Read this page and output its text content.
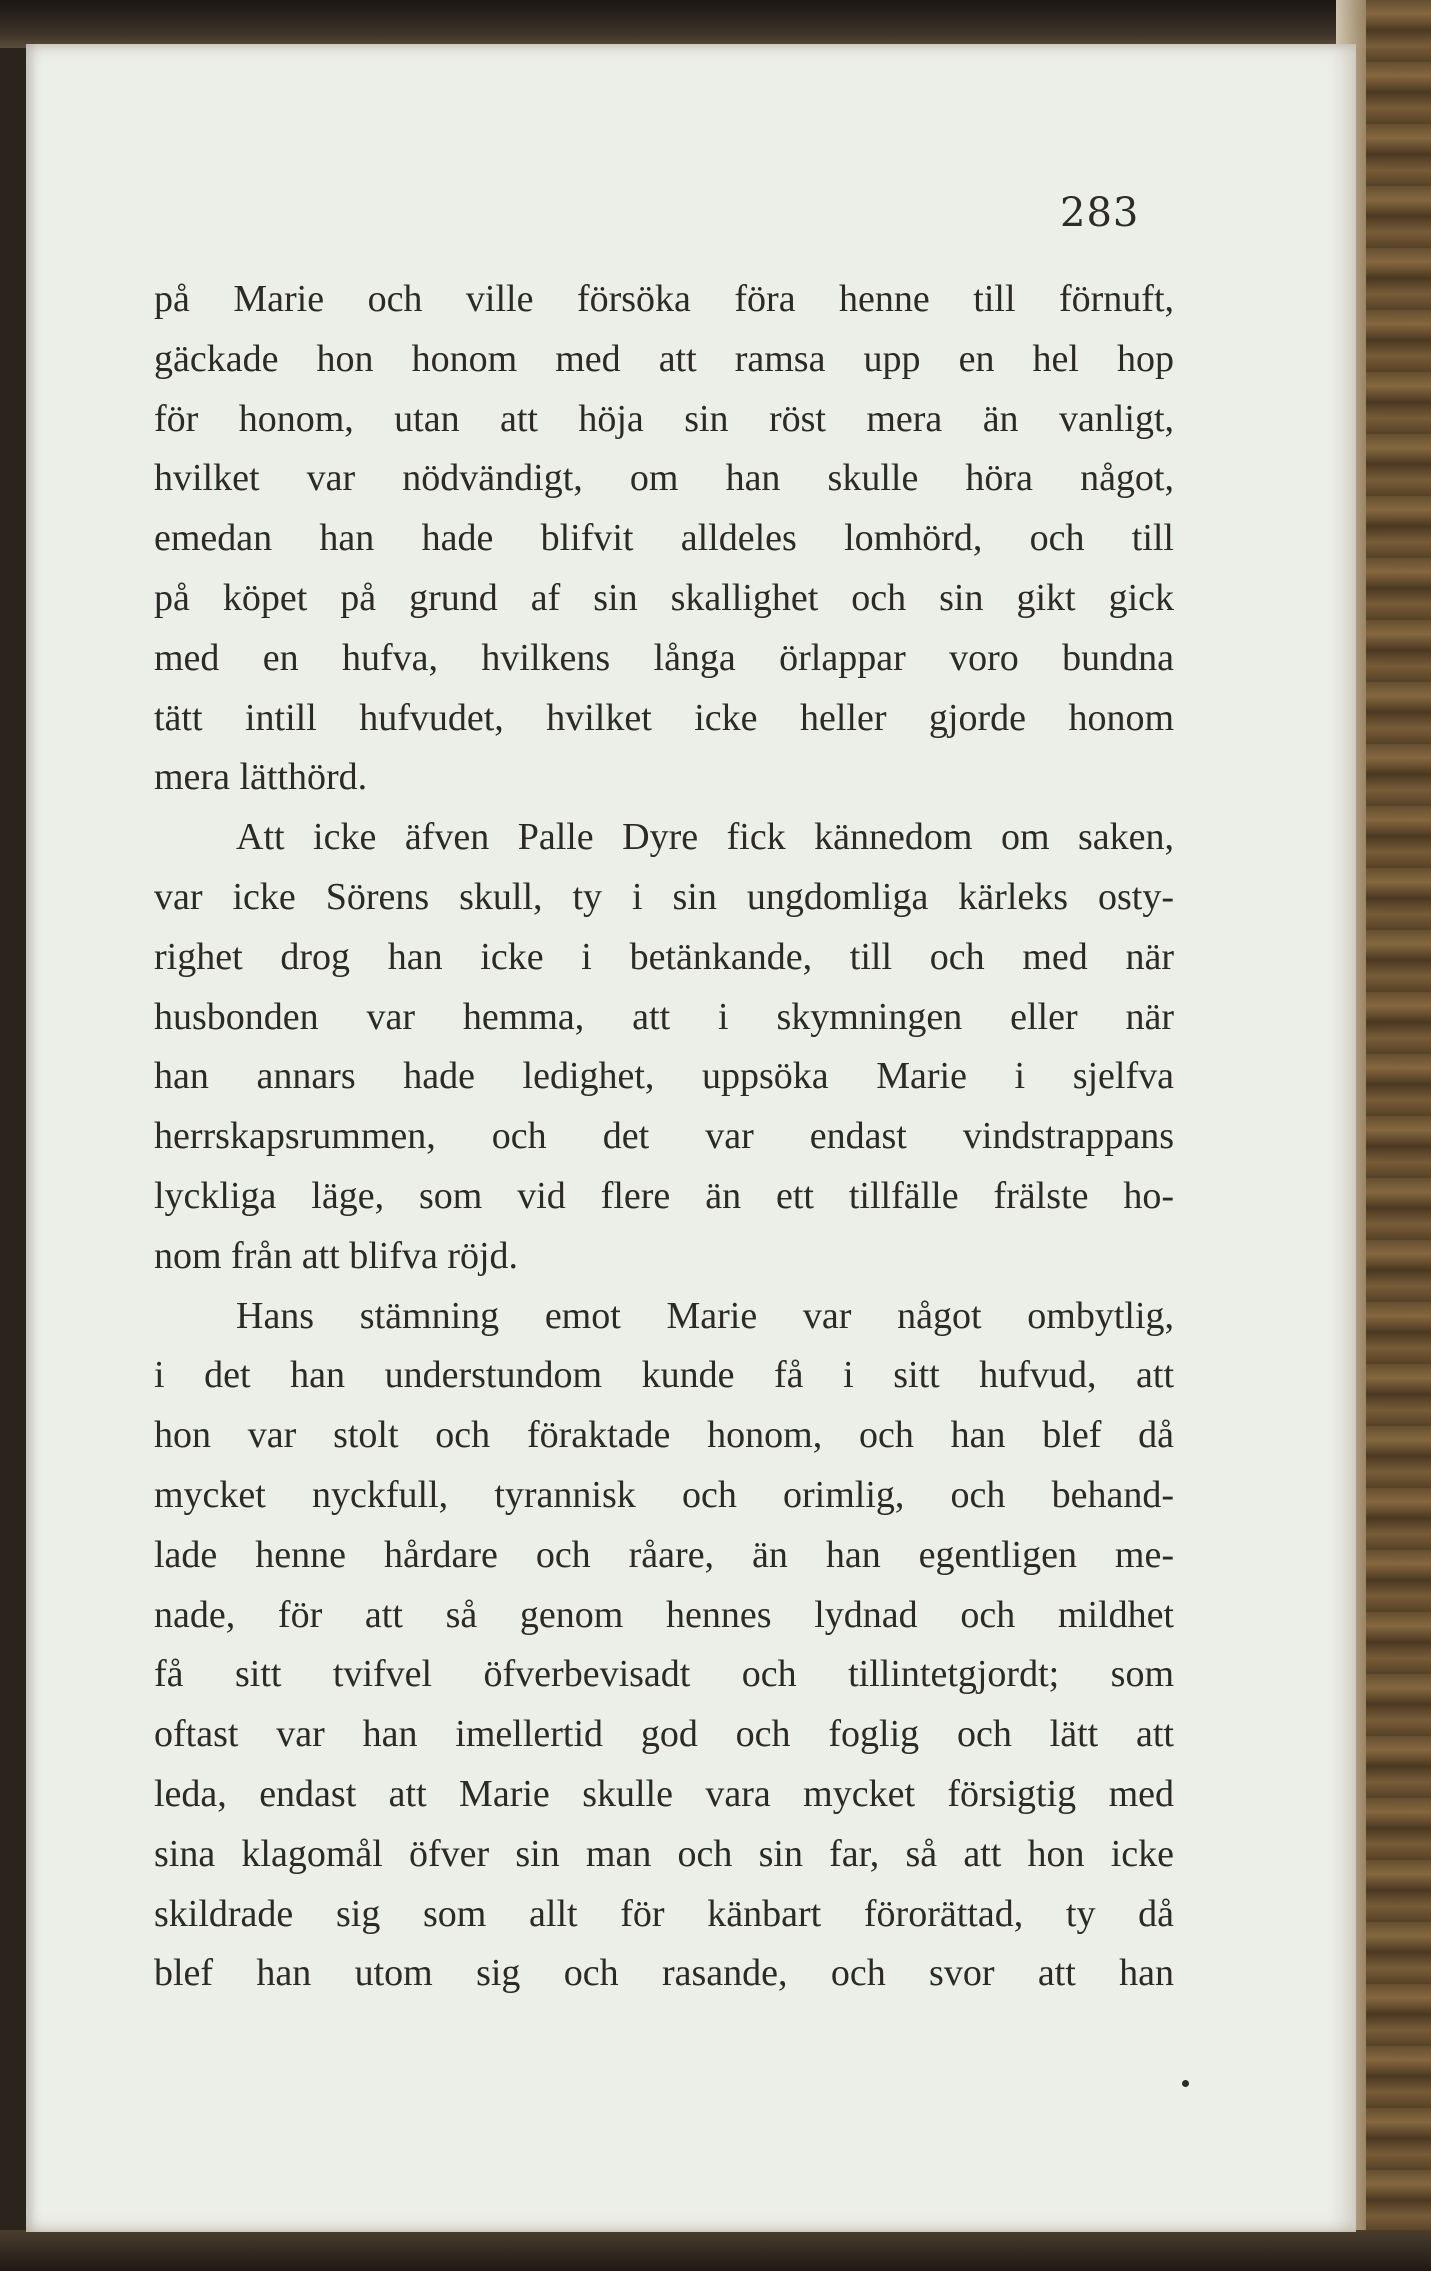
283
på Marie och ville försöka föra henne till förnuft,
gäckade hon honom med att ramsa upp en hel hop
för honom, utan att höja sin röst mera än vanligt,
hvilket var nödvändigt, om han skulle höra något,
emedan han hade blifvit alldeles lomhörd, och till
på köpet på grund af sin skallighet och sin gikt gick
med en hufva, hvilkens långa örlappar voro bundna
tätt intill hufvudet, hvilket icke heller gjorde honom
mera lätthörd.
Att icke äfven Palle Dyre fick kännedom om saken,
var icke Sörens skull, ty i sin ungdomliga kärleks osty-
righet drog han icke i betänkande, till och med när
husbonden var hemma, att i skymningen eller när
han annars hade ledighet, uppsöka Marie i sjelfva
herrskapsrummen, och det var endast vindstrappans
lyckliga läge, som vid flere än ett tillfälle frälste ho-
nom från att blifva röjd.
Hans stämning emot Marie var något ombytlig,
i det han understundom kunde få i sitt hufvud, att
hon var stolt och föraktade honom, och han blef då
mycket nyckfull, tyrannisk och orimlig, och behand-
lade henne hårdare och råare, än han egentligen me-
nade, för att så genom hennes lydnad och mildhet
få sitt tvifvel öfverbevisadt och tillintetgjordt; som
oftast var han imellertid god och foglig och lätt att
leda, endast att Marie skulle vara mycket försigtig med
sina klagomål öfver sin man och sin far, så att hon icke
skildrade sig som allt för känbart förorättad, ty då
blef han utom sig och rasande, och svor att han
